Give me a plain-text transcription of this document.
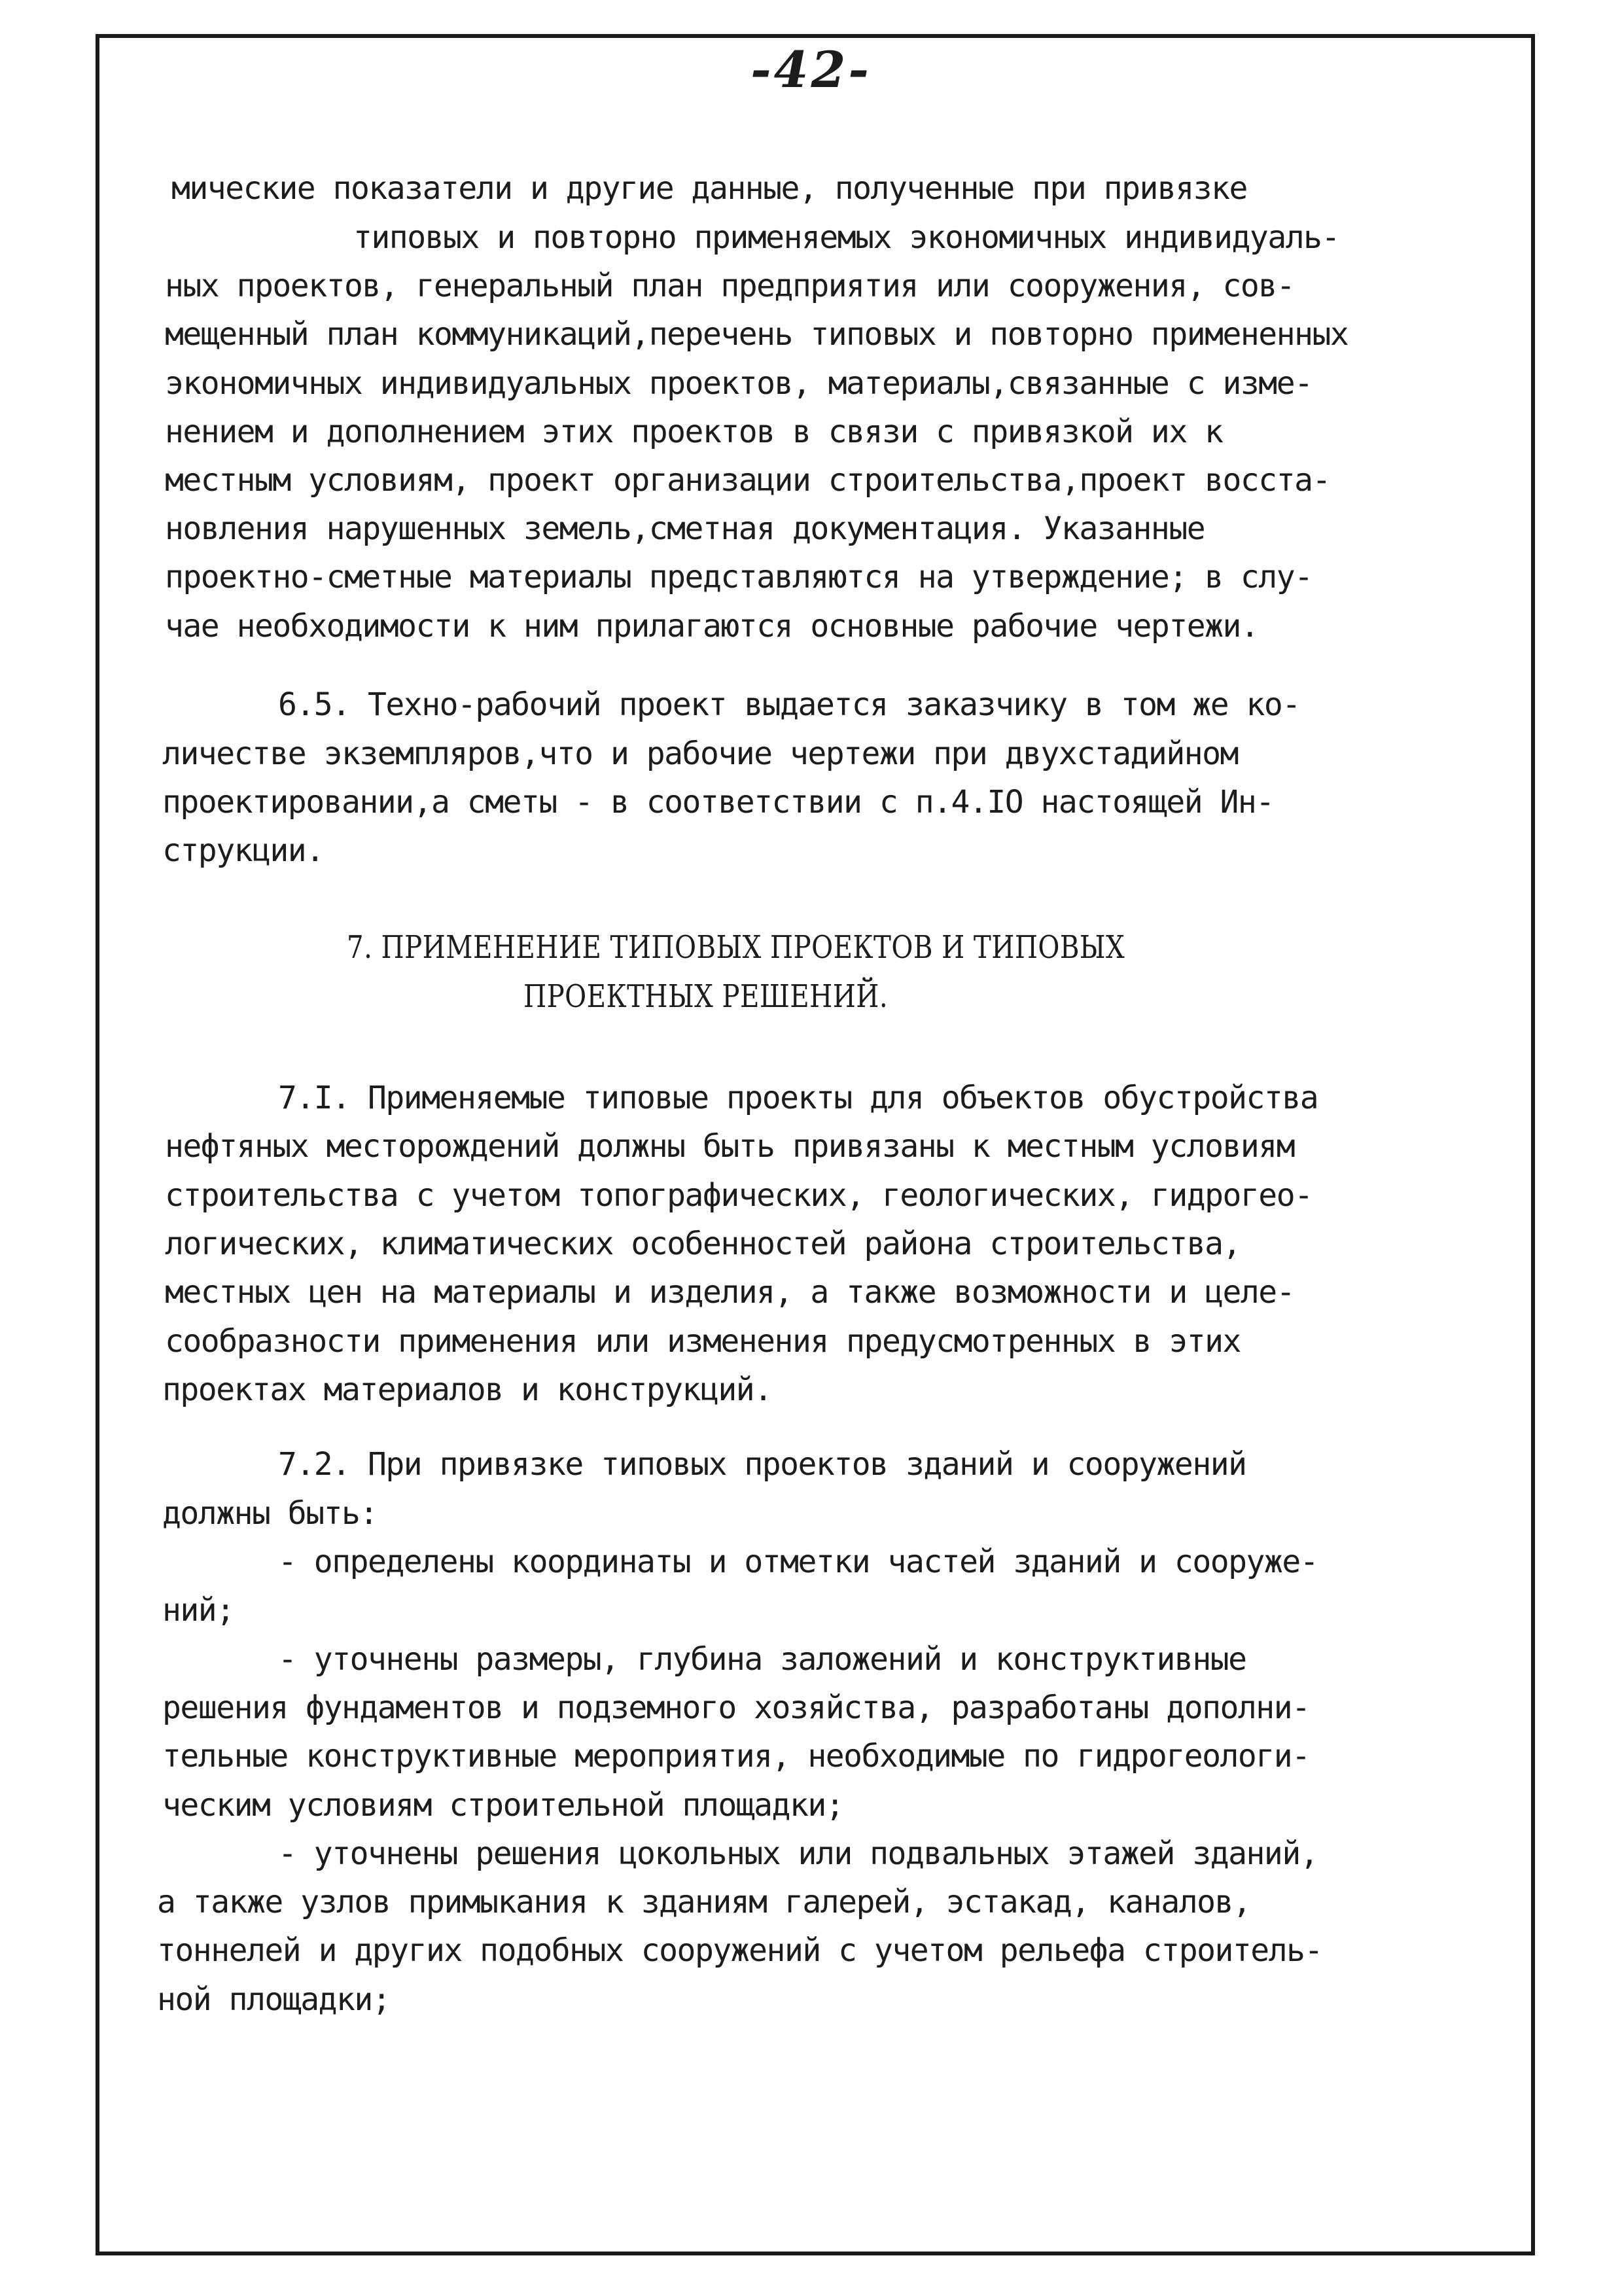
-42-

мические показатели и другие данные, полученные при привязке

типовых и повторно применяемых экономичных индивидуаль-

ных проектов, генеральный план предприятия или сооружения, сов-

мещенный план коммуникаций,перечень типовых и повторно примененных

экономичных индивидуальных проектов, материалы,связанные с изме-

нением и дополнением этих проектов в связи с привязкой их к

местным условиям, проект организации строительства,проект восста-

новления нарушенных земель,сметная документация. Указанные

проектно-сметные материалы представляются на утверждение; в слу-

чае необходимости к ним прилагаются основные рабочие чертежи.

6.5. Техно-рабочий проект выдается заказчику в том же ко-

личестве экземпляров,что и рабочие чертежи при двухстадийном

проектировании,а сметы - в соответствии с п.4.IO настоящей Ин-

струкции.

7. ПРИМЕНЕНИЕ ТИПОВЫХ ПРОЕКТОВ И ТИПОВЫХ

ПРОЕКТНЫХ РЕШЕНИЙ.

7.I. Применяемые типовые проекты для объектов обустройства

нефтяных месторождений должны быть привязаны к местным условиям

строительства с учетом топографических, геологических, гидрогео-

логических, климатических особенностей района строительства,

местных цен на материалы и изделия, а также возможности и целе-

сообразности применения или изменения предусмотренных в этих

проектах материалов и конструкций.

7.2. При привязке типовых проектов зданий и сооружений

должны быть:

- определены координаты и отметки частей зданий и сооруже-

ний;

- уточнены размеры, глубина заложений и конструктивные

решения фундаментов и подземного хозяйства, разработаны дополни-

тельные конструктивные мероприятия, необходимые по гидрогеологи-

ческим условиям строительной площадки;

- уточнены решения цокольных или подвальных этажей зданий,

а также узлов примыкания к зданиям галерей, эстакад, каналов,

тоннелей и других подобных сооружений с учетом рельефа строитель-

ной площадки;
